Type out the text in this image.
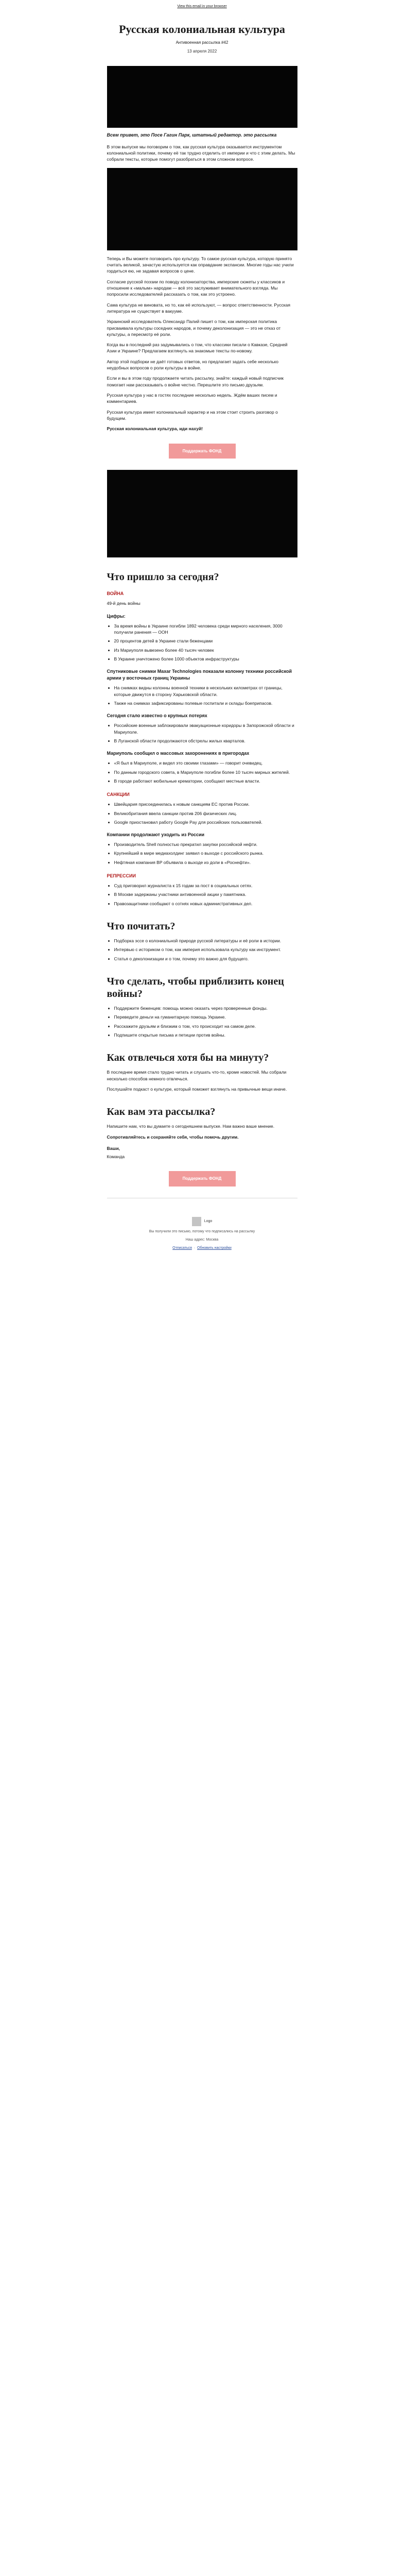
View this email in your browser
Русская колониальная культура
Антивоенная рассылка #42
13 апреля 2022
Всем привет, это Посе Гагин Парк, штатный редактор. это рассылка

В этом выпуске мы поговорим о том, как русская культура оказывается инструментом колониальной политики, почему её так трудно отделить от империи и что с этим делать. Мы собрали тексты, которые помогут разобраться в этом сложном вопросе.

Теперь и Вы можете поговорить про культуру. То самое русская культура, которую принято считать великой, зачастую используется как оправдание экспансии. Многие годы нас учили гордиться ею, не задавая вопросов о цене.

Согласие русской поэзии по поводу колонизаторства, имперские сюжеты у классиков и отношение к «малым» народам — всё это заслуживает внимательного взгляда. Мы попросили исследователей рассказать о том, как это устроено.

Сама культура не виновата, но то, как её используют, — вопрос ответственности. Русская литература не существует в вакууме.

Украинский исследователь Олександр Палий пишет о том, как имперская политика присваивала культуры соседних народов, и почему деколонизация — это не отказ от культуры, а пересмотр её роли.

Когда вы в последний раз задумывались о том, что классики писали о Кавказе, Средней Азии и Украине? Предлагаем взглянуть на знакомые тексты по-новому.

Автор этой подборки не даёт готовых ответов, но предлагает задать себе несколько неудобных вопросов о роли культуры в войне.

Если и вы в этом году продолжаете читать рассылку, знайте: каждый новый подписчик помогает нам рассказывать о войне честно. Перешлите это письмо друзьям.

Русская культура у нас в гостях последние несколько недель. Ждём ваших писем и комментариев.

Русская культура имеет колониальный характер и на этом стоит строить разговор о будущем.

Русская колониальная культура, иди нахуй!

Поддержать ФОНД
Что пришло за сегодня?
ВОЙНА

49-й день войны

Цифры:
• За время войны в Украине погибли 1892 человека среди мирного населения, 3000 получили ранения — ООН
• 20 процентов детей в Украине стали беженцами
• Из Мариуполя вывезено более 40 тысяч человек
• В Украине уничтожено более 1000 объектов инфраструктуры
Спутниковые снимки Maxar Technologies показали колонну техники российской армии у восточных границ Украины
• На снимках видны колонны военной техники в нескольких километрах от границы, которые движутся в сторону Харьковской области.
• Также на снимках зафиксированы полевые госпитали и склады боеприпасов.
Сегодня стало известно о крупных потерях
• Российские военные заблокировали эвакуационные коридоры в Запорожской области и Мариуполе.
• В Луганской области продолжаются обстрелы жилых кварталов.
Мариуполь сообщил о массовых захоронениях в пригородах
• «Я был в Мариуполе, и видел это своими глазами» — говорит очевидец.
• По данным городского совета, в Мариуполе погибли более 10 тысяч мирных жителей.
• В городе работают мобильные крематории, сообщают местные власти.
САНКЦИИ
• Швейцария присоединилась к новым санкциям ЕС против России.
• Великобритания ввела санкции против 206 физических лиц.
• Google приостановил работу Google Pay для российских пользователей.
Компании продолжают уходить из России
• Производитель Shell полностью прекратил закупки российской нефти.
• Крупнейший в мире медиахолдинг заявил о выходе с российского рынка.
• Нефтяная компания BP объявила о выходе из доли в «Роснефти».
РЕПРЕССИИ
• Суд приговорил журналиста к 15 годам за пост в социальных сетях.
• В Москве задержаны участники антивоенной акции у памятника.
• Правозащитники сообщают о сотнях новых административных дел.
Что почитать?
• Подборка эссе о колониальной природе русской литературы и её роли в истории.
• Интервью с историком о том, как империя использовала культуру как инструмент.
• Статья о деколонизации и о том, почему это важно для будущего.
Что сделать, чтобы приблизить конец войны?
• Поддержите беженцев: помощь можно оказать через проверенные фонды.
• Переведите деньги на гуманитарную помощь Украине.
• Расскажите друзьям и близким о том, что происходит на самом деле.
• Подпишите открытые письма и петиции против войны.
Как отвлечься хотя бы на минуту?

В последнее время стало трудно читать и слушать что-то, кроме новостей. Мы собрали несколько способов немного отвлечься.

Послушайте подкаст о культуре, который поможет взглянуть на привычные вещи иначе.

Как вам эта рассылка?

Напишите нам, что вы думаете о сегодняшнем выпуске. Нам важно ваше мнение.

Сопротивляйтесь и сохраняйте себя, чтобы помочь другим.

Ваши,
Команда
Поддержать ФОНД
Logo
Вы получили это письмо, потому что подписались на рассылку
Наш адрес: Москва
Отписаться  ·  Обновить настройки
